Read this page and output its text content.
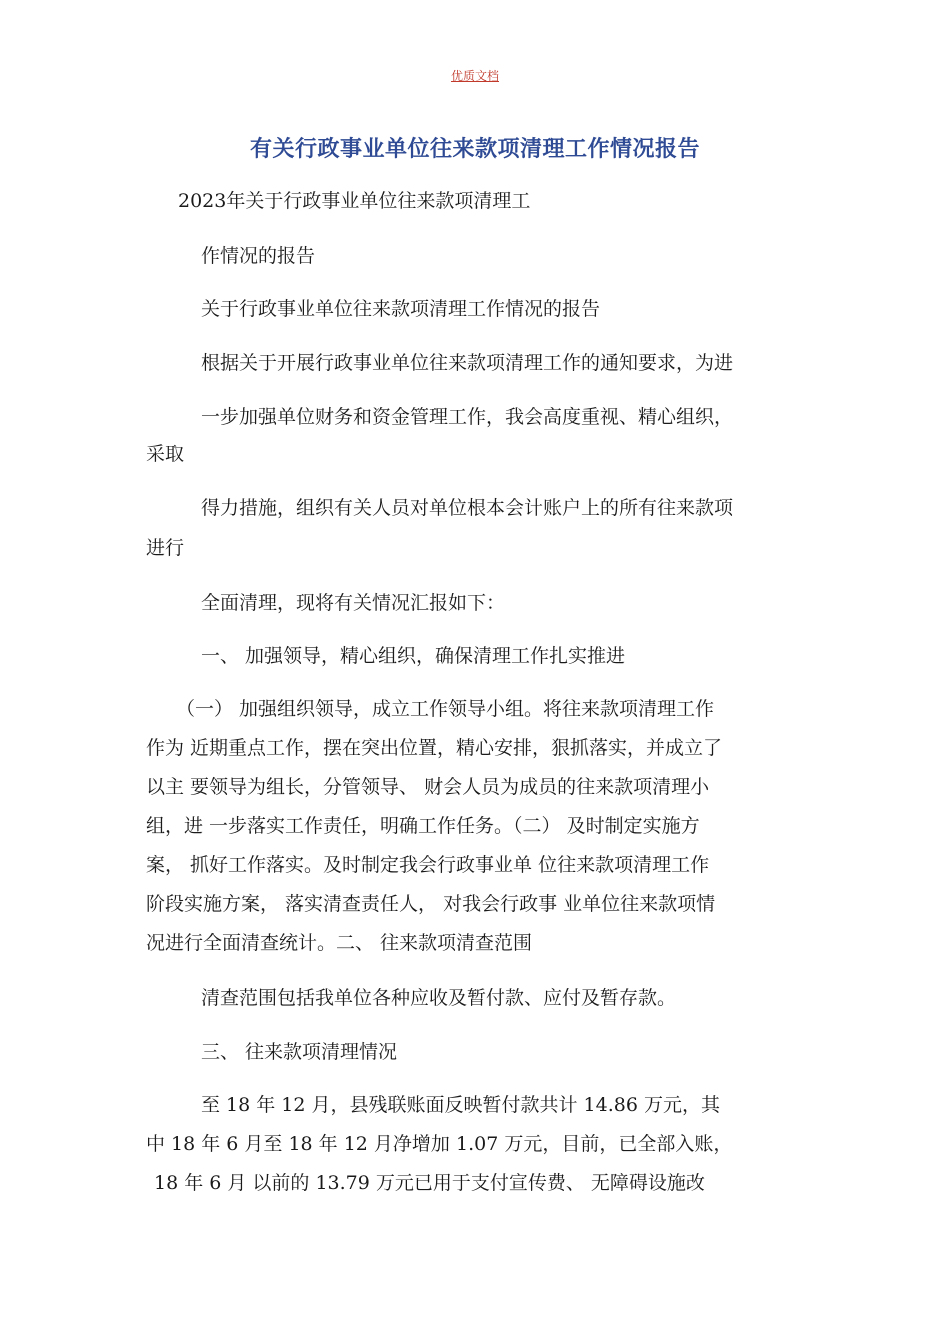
优质文档
有关行政事业单位往来款项清理工作情况报告
2023年关于行政事业单位往来款项清理工
作情况的报告
关于行政事业单位往来款项清理工作情况的报告
根据关于开展行政事业单位往来款项清理工作的通知要求，为进
一步加强单位财务和资金管理工作，我会高度重视、精心组织，
采取
得力措施，组织有关人员对单位根本会计账户上的所有往来款项
进行
全面清理，现将有关情况汇报如下：
一、 加强领导，精心组织，确保清理工作扎实推进
（一） 加强组织领导，成立工作领导小组。将往来款项清理工作
作为 近期重点工作，摆在突出位置，精心安排，狠抓落实，并成立了
以主 要领导为组长，分管领导、 财会人员为成员的往来款项清理小
组，进 一步落实工作责任，明确工作任务。（二） 及时制定实施方
案， 抓好工作落实。及时制定我会行政事业单 位往来款项清理工作
阶段实施方案， 落实清查责任人， 对我会行政事 业单位往来款项情
况进行全面清查统计。二、 往来款项清查范围
清查范围包括我单位各种应收及暂付款、应付及暂存款。
三、 往来款项清理情况
至 18 年 12 月，县残联账面反映暂付款共计 14.86 万元，其
中 18 年 6 月至 18 年 12 月净增加 1.07 万元，目前，已全部入账，
18 年 6 月 以前的 13.79 万元已用于支付宣传费、 无障碍设施改
